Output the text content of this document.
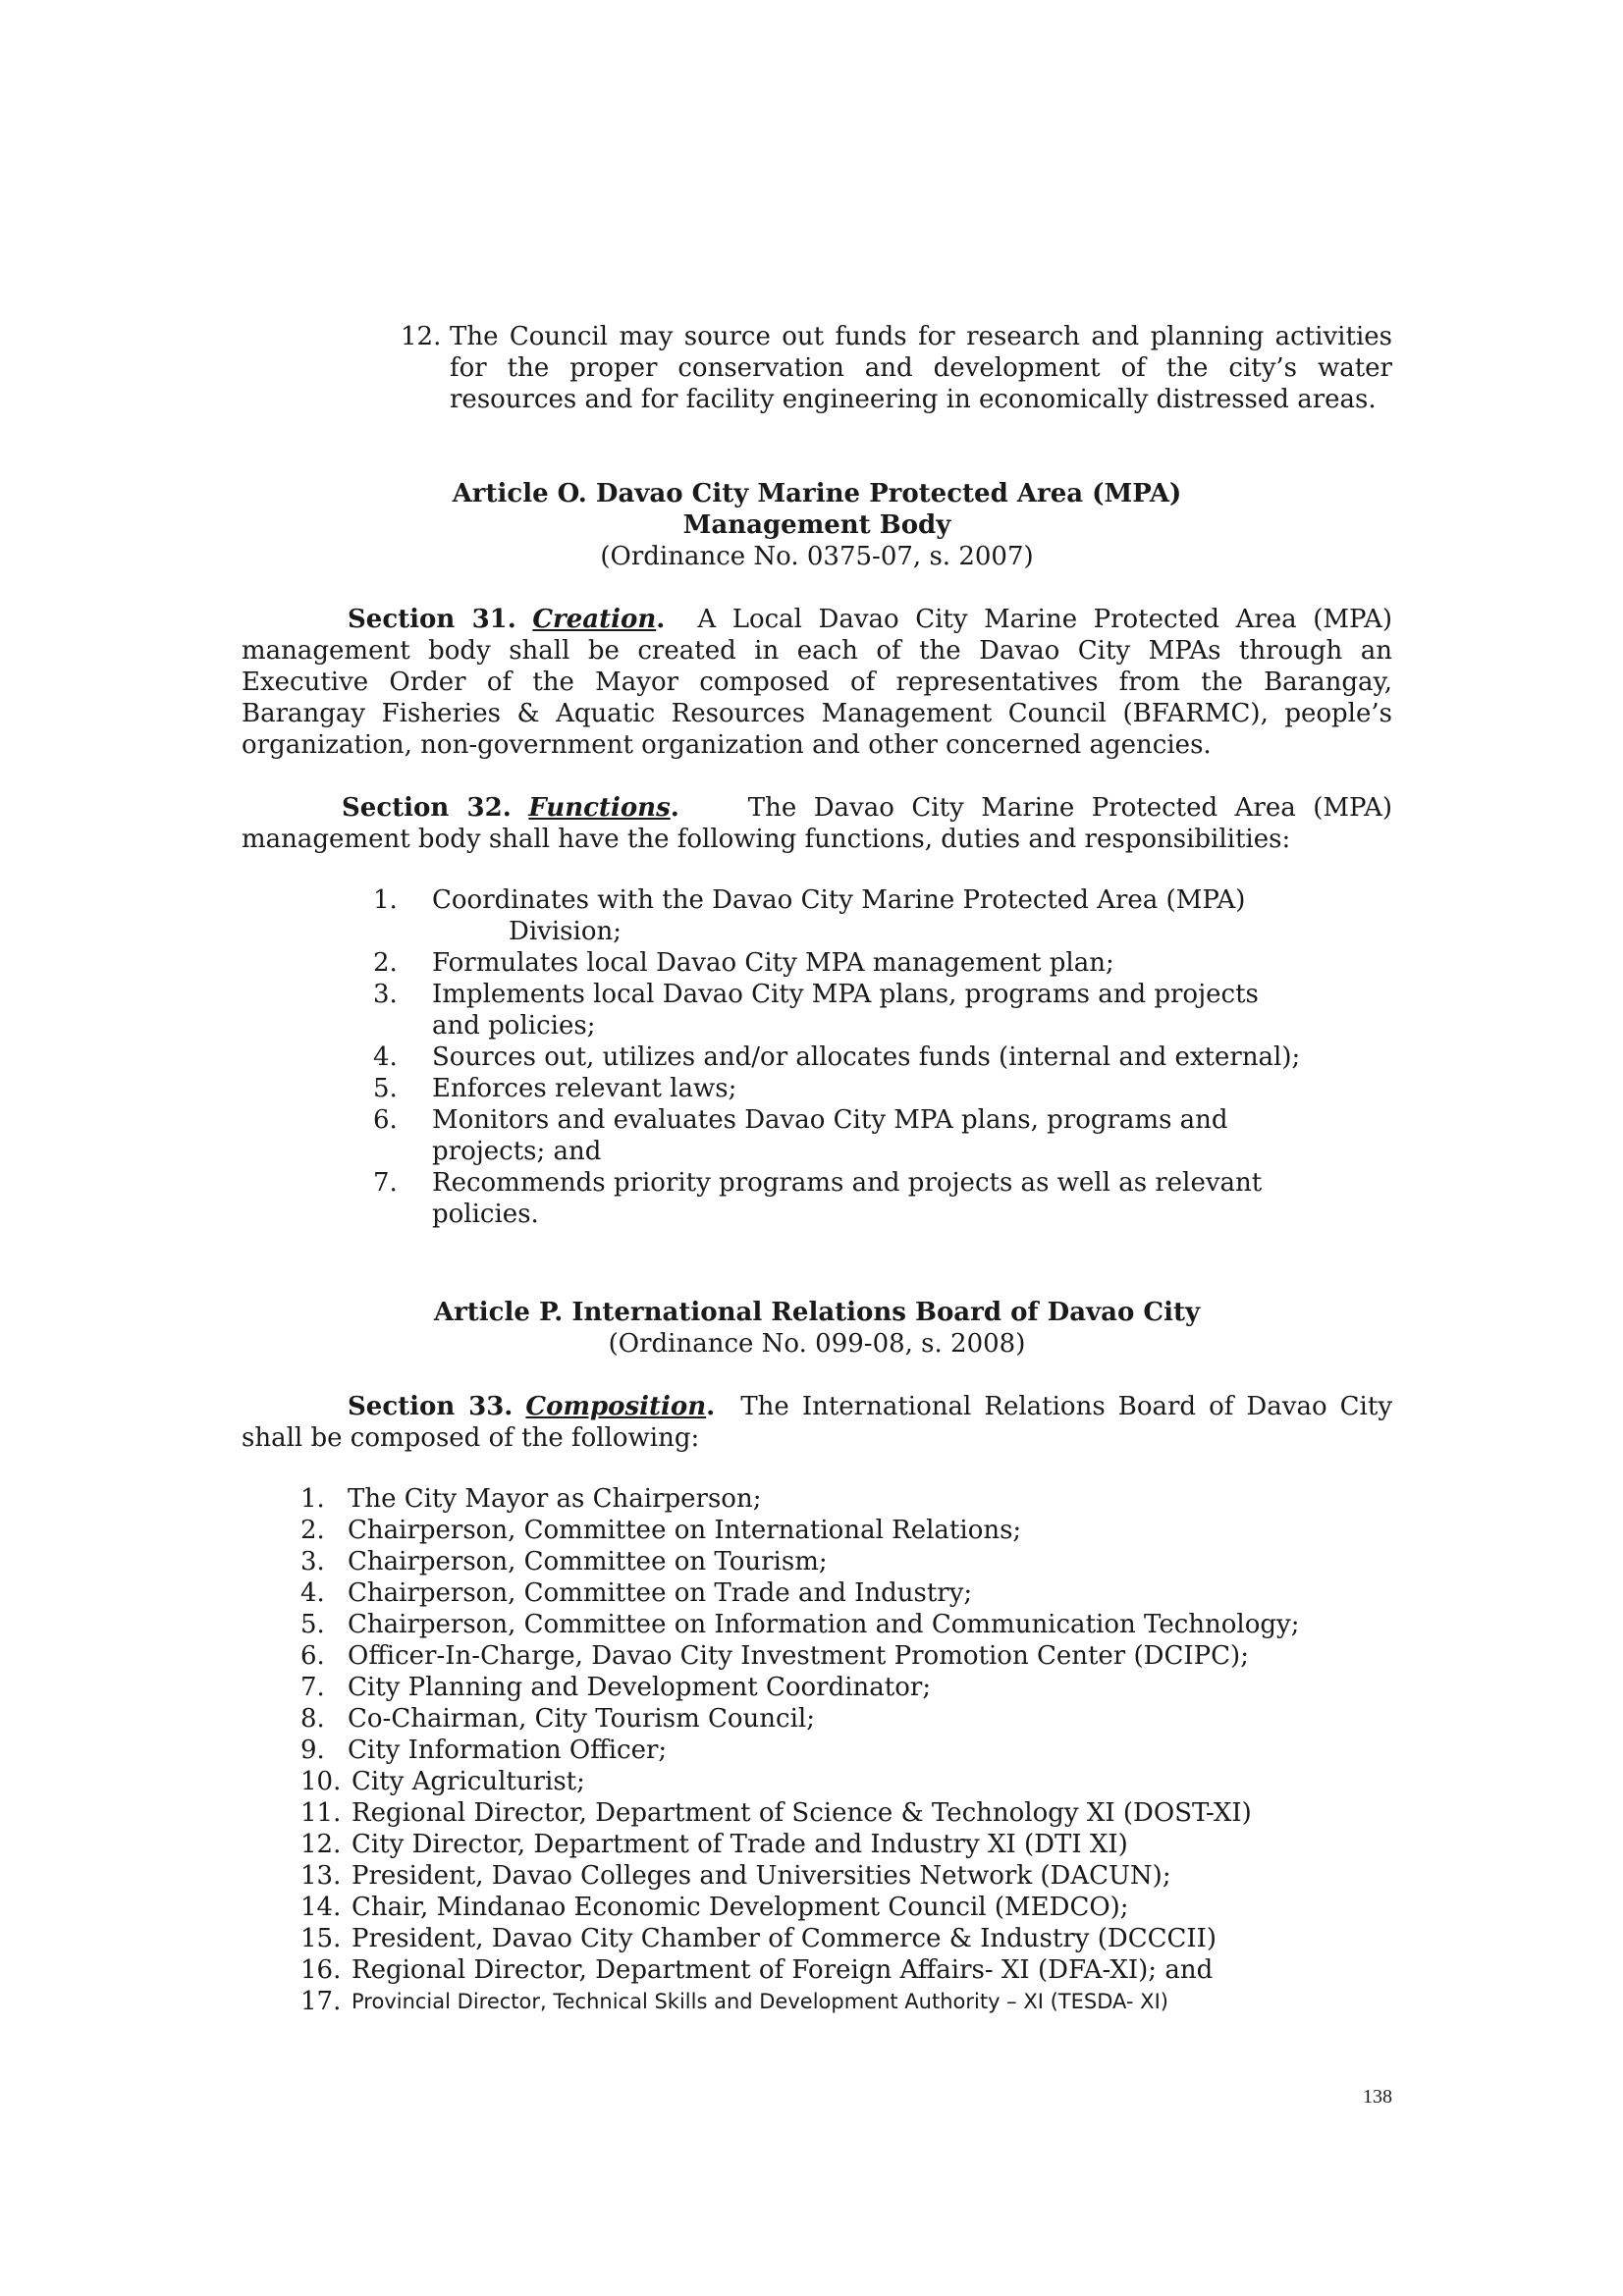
12. The Council may source out funds for research and planning activities for the proper conservation and development of the city’s water resources and for facility engineering in economically distressed areas.
Article O. Davao City Marine Protected Area (MPA)
Management Body
(Ordinance No. 0375-07, s. 2007)
Section 31. Creation. A Local Davao City Marine Protected Area (MPA) management body shall be created in each of the Davao City MPAs through an Executive Order of the Mayor composed of representatives from the Barangay, Barangay Fisheries & Aquatic Resources Management Council (BFARMC), people’s organization, non-government organization and other concerned agencies.
Section 32. Functions.	The Davao City Marine Protected Area (MPA) management body shall have the following functions, duties and responsibilities:
1. Coordinates with the Davao City Marine Protected Area (MPA)
Division;
2. Formulates local Davao City MPA management plan;
3. Implements local Davao City MPA plans, programs and projects
and policies;
4. Sources out, utilizes and/or allocates funds (internal and external);
5. Enforces relevant laws;
6. Monitors and evaluates Davao City MPA plans, programs and
projects; and
7. Recommends priority programs and projects as well as relevant
policies.
Article P. International Relations Board of Davao City
(Ordinance No. 099-08, s. 2008)
Section 33. Composition. The International Relations Board of Davao City shall be composed of the following:
1. The City Mayor as Chairperson;
2. Chairperson, Committee on International Relations;
3. Chairperson, Committee on Tourism;
4. Chairperson, Committee on Trade and Industry;
5. Chairperson, Committee on Information and Communication Technology;
6. Officer-In-Charge, Davao City Investment Promotion Center (DCIPC);
7. City Planning and Development Coordinator;
8. Co-Chairman, City Tourism Council;
9. City Information Officer;
10. City Agriculturist;
11. Regional Director, Department of Science & Technology XI (DOST-XI)
12. City Director, Department of Trade and Industry XI (DTI XI)
13. President, Davao Colleges and Universities Network (DACUN);
14. Chair, Mindanao Economic Development Council (MEDCO);
15. President, Davao City Chamber of Commerce & Industry (DCCCII)
16. Regional Director, Department of Foreign Affairs- XI (DFA-XI); and
17. Provincial Director, Technical Skills and Development Authority – XI (TESDA- XI)
138
